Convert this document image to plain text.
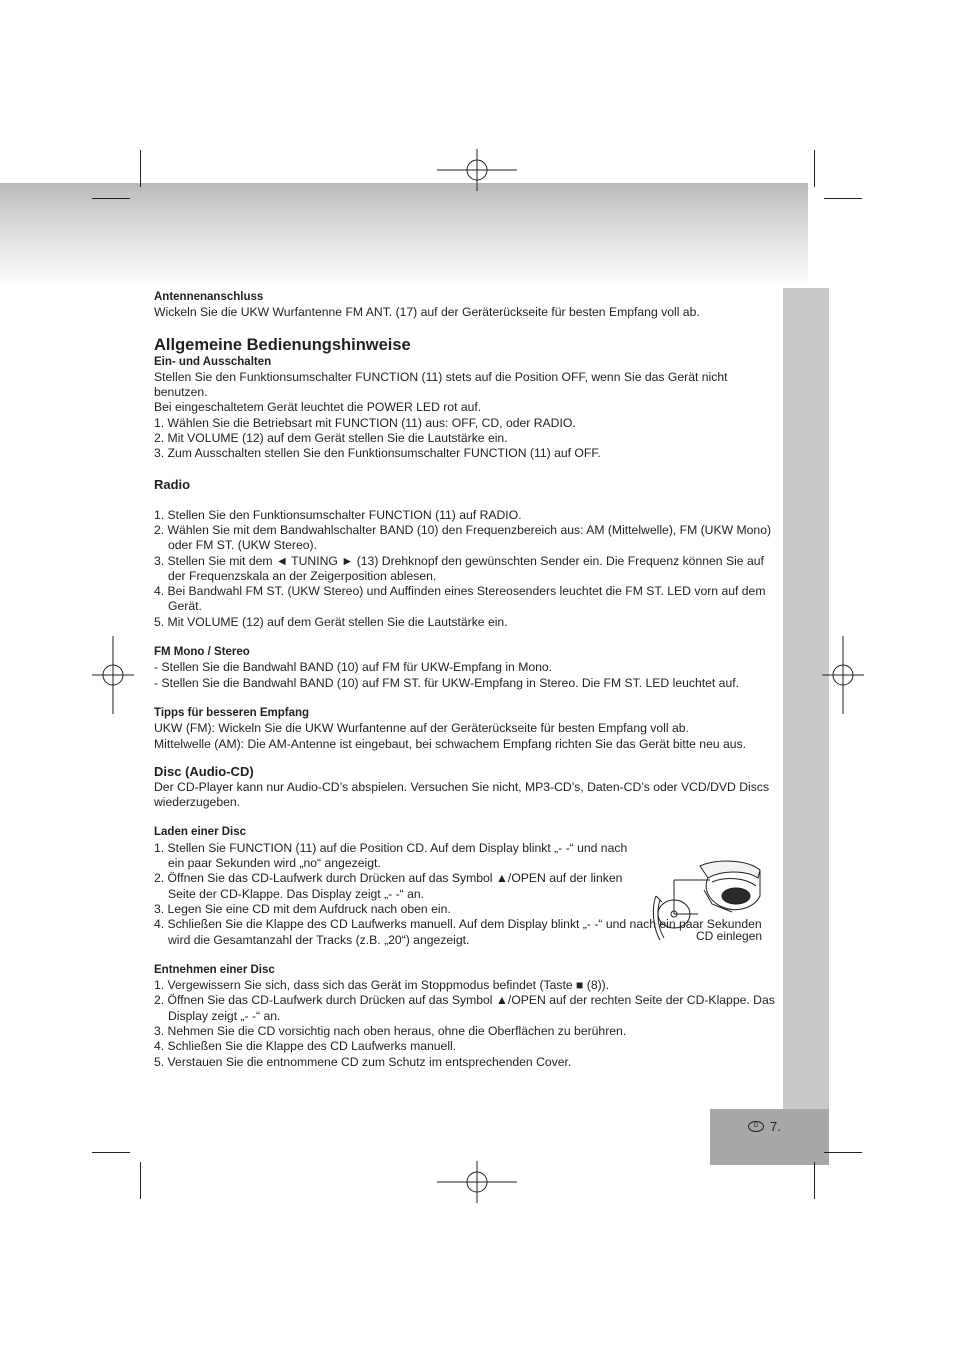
D 7.
CD einlegen

Antennenanschluss

Wickeln Sie die UKW Wurfantenne FM ANT. (17) auf der Geräterückseite für besten Empfang voll ab.

Allgemeine Bedienungshinweise

Ein- und Ausschalten

Stellen Sie den Funktionsumschalter FUNCTION (11) stets auf die Position OFF, wenn Sie das Gerät nicht benutzen.

Bei eingeschaltetem Gerät leuchtet die POWER LED rot auf.

1. Wählen Sie die Betriebsart mit FUNCTION (11) aus: OFF, CD, oder RADIO.

2. Mit VOLUME (12) auf dem Gerät stellen Sie die Lautstärke ein.

3. Zum Ausschalten stellen Sie den Funktionsumschalter FUNCTION (11) auf OFF.

Radio

1. Stellen Sie den Funktionsumschalter FUNCTION (11) auf RADIO.

2. Wählen Sie mit dem Bandwahlschalter BAND (10) den Frequenzbereich aus: AM (Mittelwelle), FM (UKW Mono) oder FM ST. (UKW Stereo).

3. Stellen Sie mit dem ◄ TUNING ► (13) Drehknopf den gewünschten Sender ein. Die Frequenz können Sie auf der Frequenzskala an der Zeigerposition ablesen.

4. Bei Bandwahl FM ST. (UKW Stereo) und Auffinden eines Stereosenders leuchtet die FM ST. LED vorn auf dem Gerät.

5. Mit VOLUME (12) auf dem Gerät stellen Sie die Lautstärke ein.

FM Mono / Stereo

- Stellen Sie die Bandwahl BAND (10) auf FM für UKW-Empfang in Mono.

- Stellen Sie die Bandwahl BAND (10) auf FM ST. für UKW-Empfang in Stereo. Die FM ST. LED leuchtet auf.

Tipps für besseren Empfang

UKW (FM): Wickeln Sie die UKW Wurfantenne auf der Geräterückseite für besten Empfang voll ab.

Mittelwelle (AM): Die AM-Antenne ist eingebaut, bei schwachem Empfang richten Sie das Gerät bitte neu aus.

Disc (Audio-CD)

Der CD-Player kann nur Audio-CD’s abspielen. Versuchen Sie nicht, MP3-CD’s, Daten-CD’s oder VCD/DVD Discs wiederzugeben.

Laden einer Disc

1. Stellen Sie FUNCTION (11) auf die Position CD. Auf dem Display blinkt „- -“ und nach ein paar Sekunden wird „no“ angezeigt.

2. Öffnen Sie das CD-Laufwerk durch Drücken auf das Symbol ▲/OPEN auf der linken Seite der CD-Klappe. Das Display zeigt „- -“ an.

3. Legen Sie eine CD mit dem Aufdruck nach oben ein.

4. Schließen Sie die Klappe des CD Laufwerks manuell. Auf dem Display blinkt „- -“ und nach ein paar Sekunden wird die Gesamtanzahl der Tracks (z.B. „20“) angezeigt.

Entnehmen einer Disc

1. Vergewissern Sie sich, dass sich das Gerät im Stoppmodus befindet (Taste ■ (8)).

2. Öffnen Sie das CD-Laufwerk durch Drücken auf das Symbol ▲/OPEN auf der rechten Seite der CD-Klappe. Das Display zeigt „- -“ an.

3. Nehmen Sie die CD vorsichtig nach oben heraus, ohne die Oberflächen zu berühren.

4. Schließen Sie die Klappe des CD Laufwerks manuell.

5. Verstauen Sie die entnommene CD zum Schutz im entsprechenden Cover.
